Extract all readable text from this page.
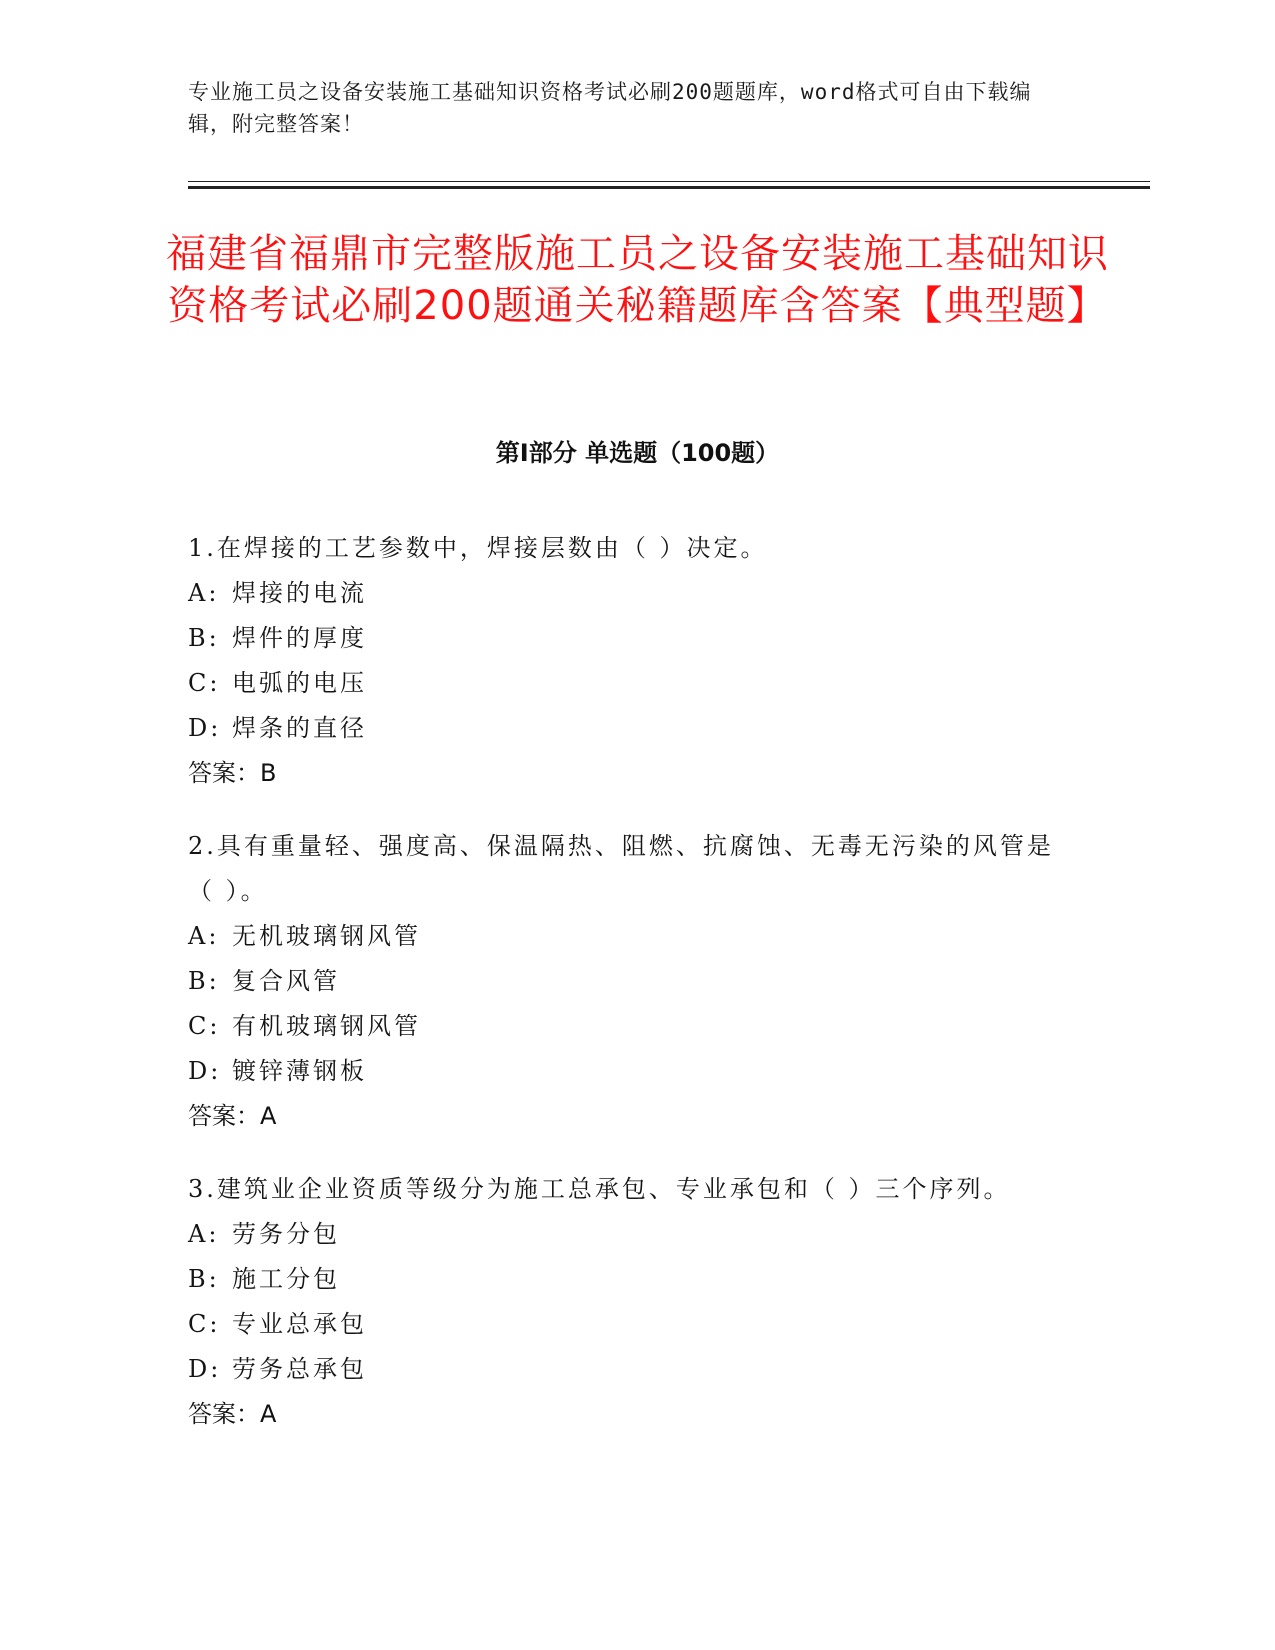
专业施工员之设备安装施工基础知识资格考试必刷200题题库，word格式可自由下载编辑，附完整答案！
福建省福鼎市完整版施工员之设备安装施工基础知识资格考试必刷200题通关秘籍题库含答案【典型题】
第Ⅰ部分 单选题（100题）
1.在焊接的工艺参数中，焊接层数由（ ）决定。
A: 焊接的电流
B: 焊件的厚度
C: 电弧的电压
D: 焊条的直径
答案：B
2.具有重量轻、强度高、保温隔热、阻燃、抗腐蚀、无毒无污染的风管是（ ）。
A: 无机玻璃钢风管
B: 复合风管
C: 有机玻璃钢风管
D: 镀锌薄钢板
答案：A
3.建筑业企业资质等级分为施工总承包、专业承包和（ ）三个序列。
A: 劳务分包
B: 施工分包
C: 专业总承包
D: 劳务总承包
答案：A
